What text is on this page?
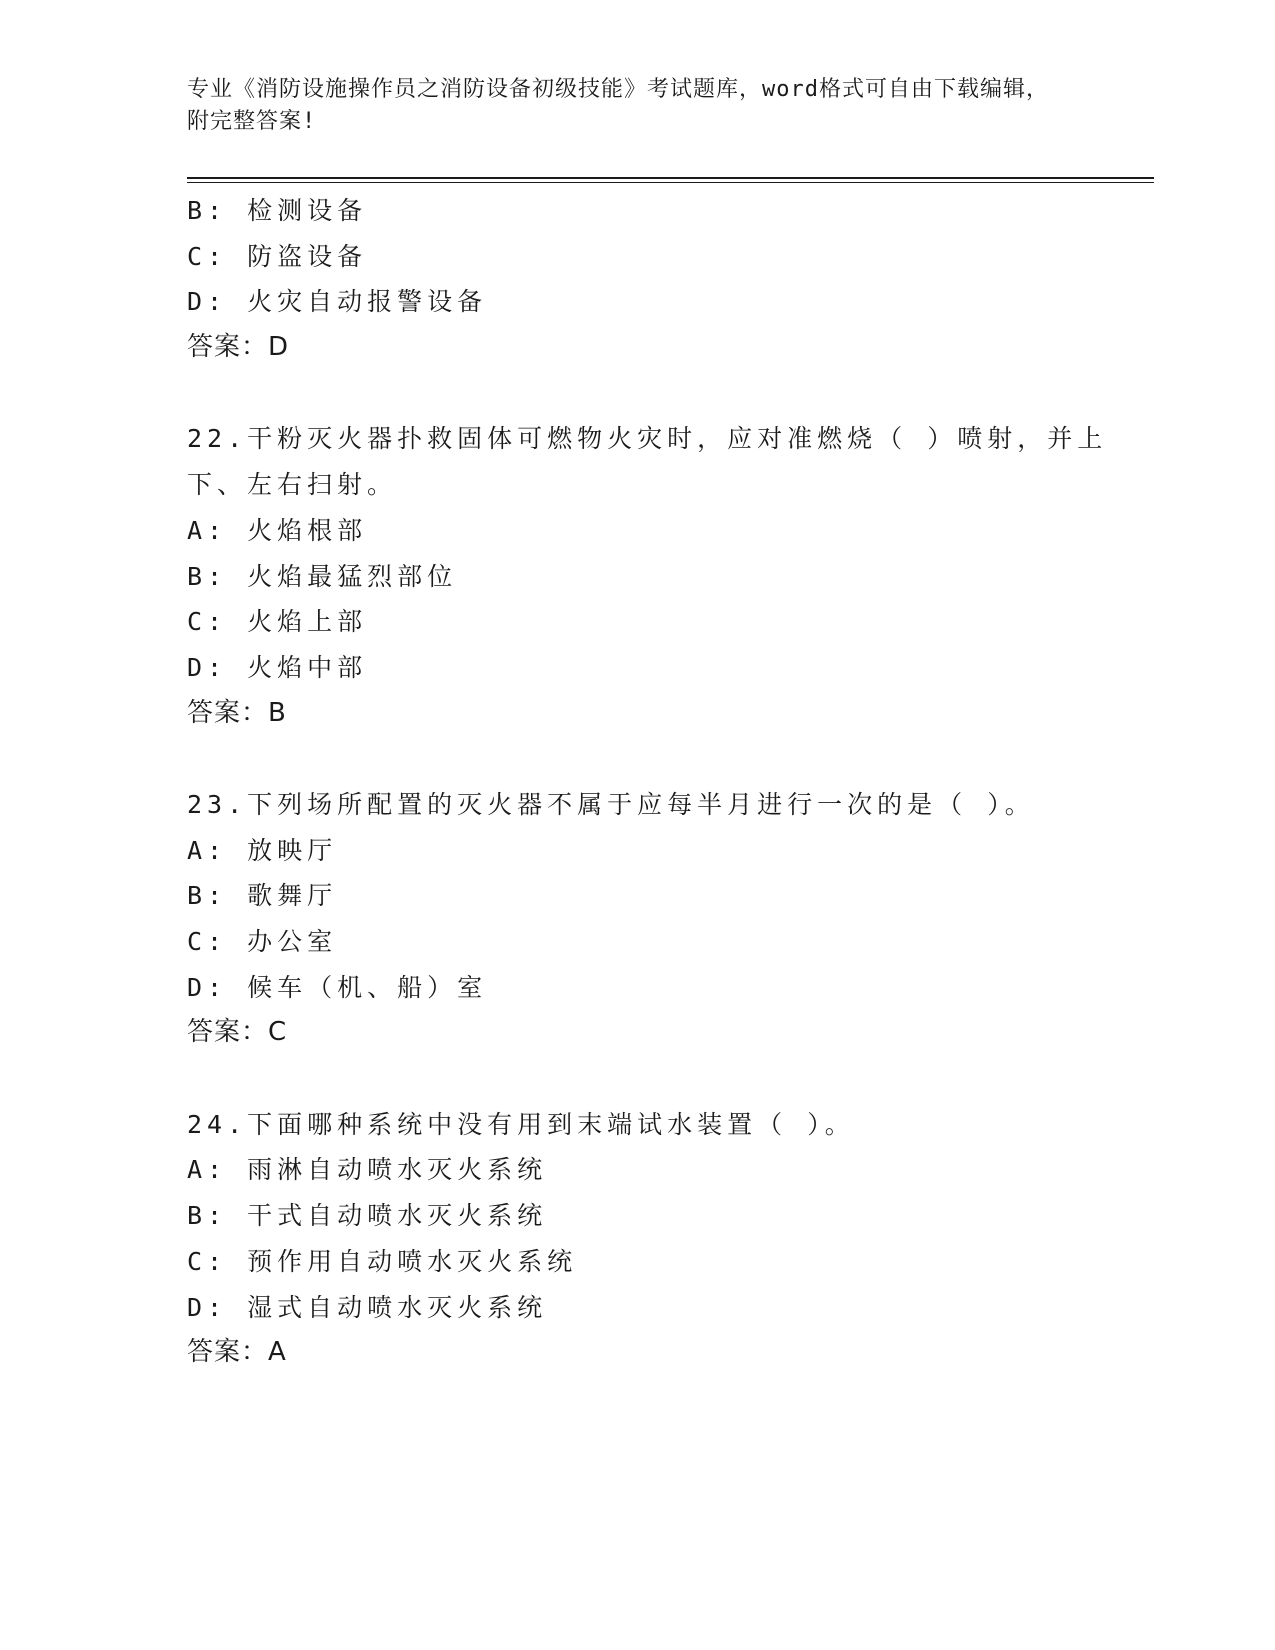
专业《消防设施操作员之消防设备初级技能》考试题库，word格式可自由下载编辑，附完整答案!
B: 检测设备
C: 防盗设备
D: 火灾自动报警设备
答案：D
22.干粉灭火器扑救固体可燃物火灾时，应对准燃烧（ ）喷射，并上
下、左右扫射。
A: 火焰根部
B: 火焰最猛烈部位
C: 火焰上部
D: 火焰中部
答案：B
23.下列场所配置的灭火器不属于应每半月进行一次的是（ ）。
A: 放映厅
B: 歌舞厅
C: 办公室
D: 候车（机、船）室
答案：C
24.下面哪种系统中没有用到末端试水装置（ ）。
A: 雨淋自动喷水灭火系统
B: 干式自动喷水灭火系统
C: 预作用自动喷水灭火系统
D: 湿式自动喷水灭火系统
答案：A
